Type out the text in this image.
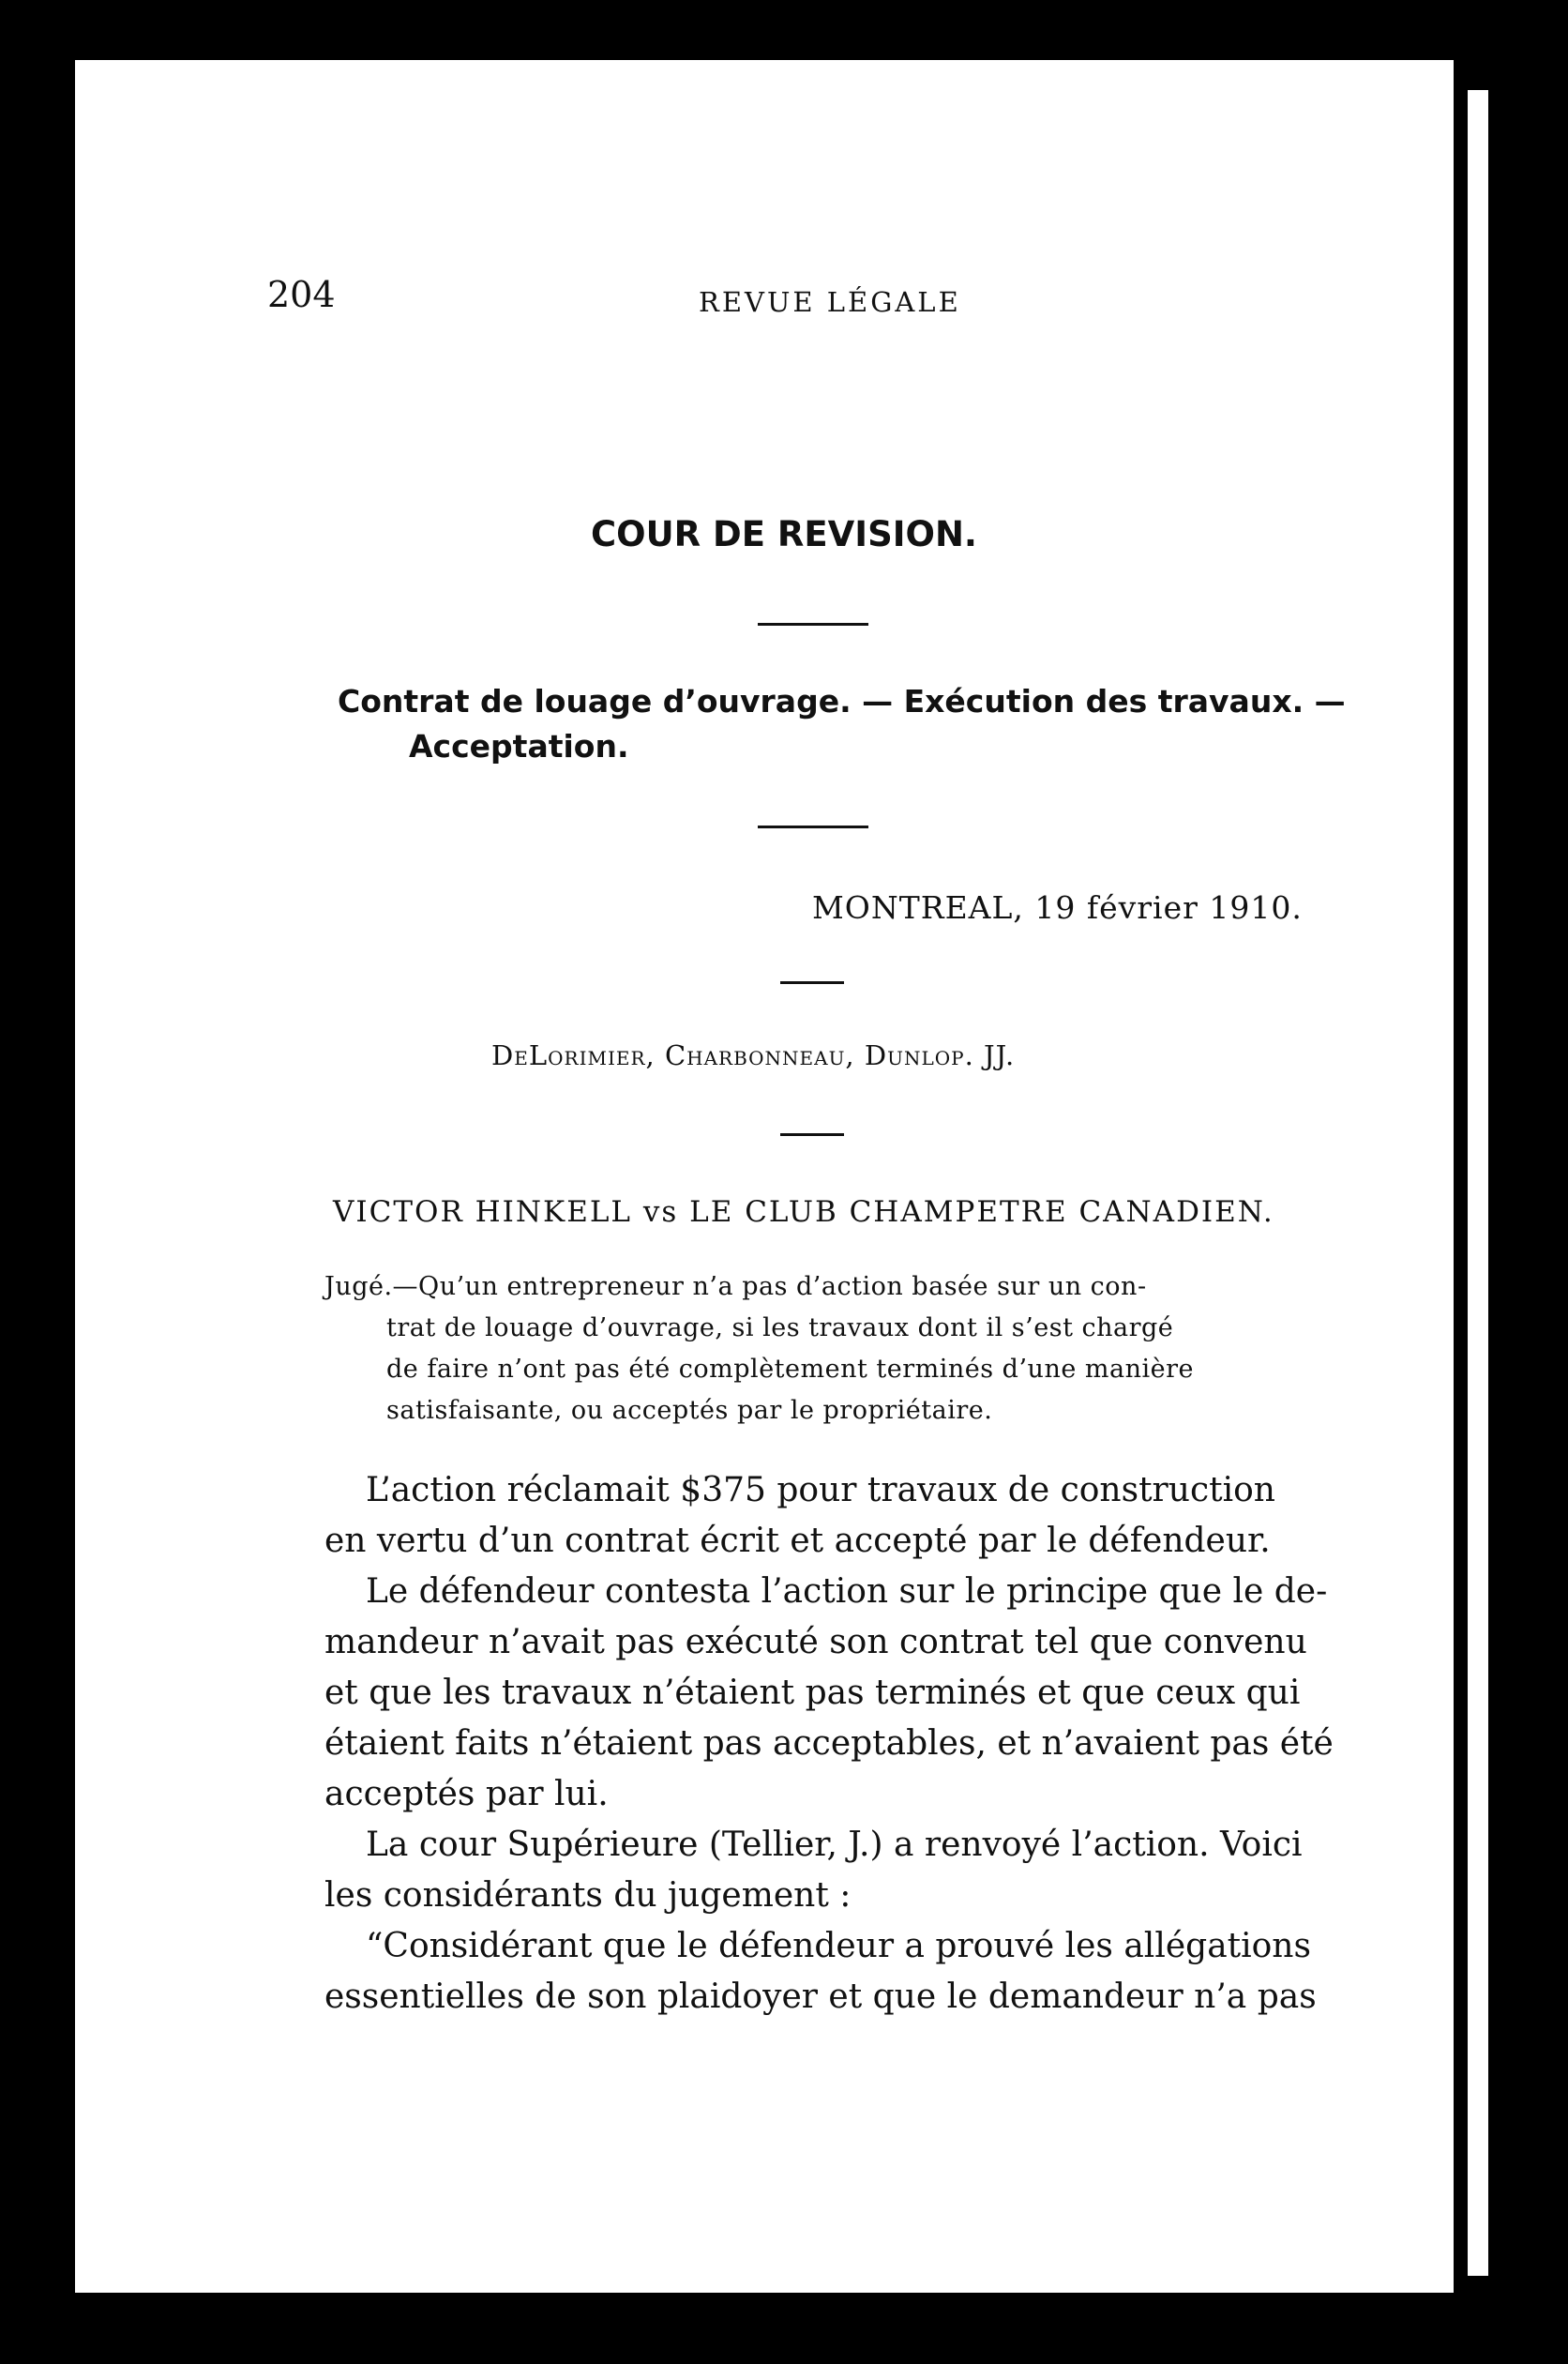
204	REVUE LÉGALE
COUR DE REVISION.
Contrat de louage d’ouvrage. — Exécution des travaux. —
Acceptation.
MONTREAL, 19 février 1910.
DeLorimier, Charbonneau, Dunlop. JJ.
VICTOR HINKELL vs LE CLUB CHAMPETRE CANADIEN.
Jugé.—Qu’un entrepreneur n’a pas d’action basée sur un con-
trat de louage d’ouvrage, si les travaux dont il s’est chargé
de faire n’ont pas été complètement terminés d’une manière
satisfaisante, ou acceptés par le propriétaire.
L’action réclamait $375 pour travaux de construction
en vertu d’un contrat écrit et accepté par le défendeur.
Le défendeur contesta l’action sur le principe que le de-
mandeur n’avait pas exécuté son contrat tel que convenu
et que les travaux n’étaient pas terminés et que ceux qui
étaient faits n’étaient pas acceptables, et n’avaient pas été
acceptés par lui.
La cour Supérieure (Tellier, J.) a renvoyé l’action. Voici
les considérants du jugement :
“Considérant que le défendeur a prouvé les allégations
essentielles de son plaidoyer et que le demandeur n’a pas
